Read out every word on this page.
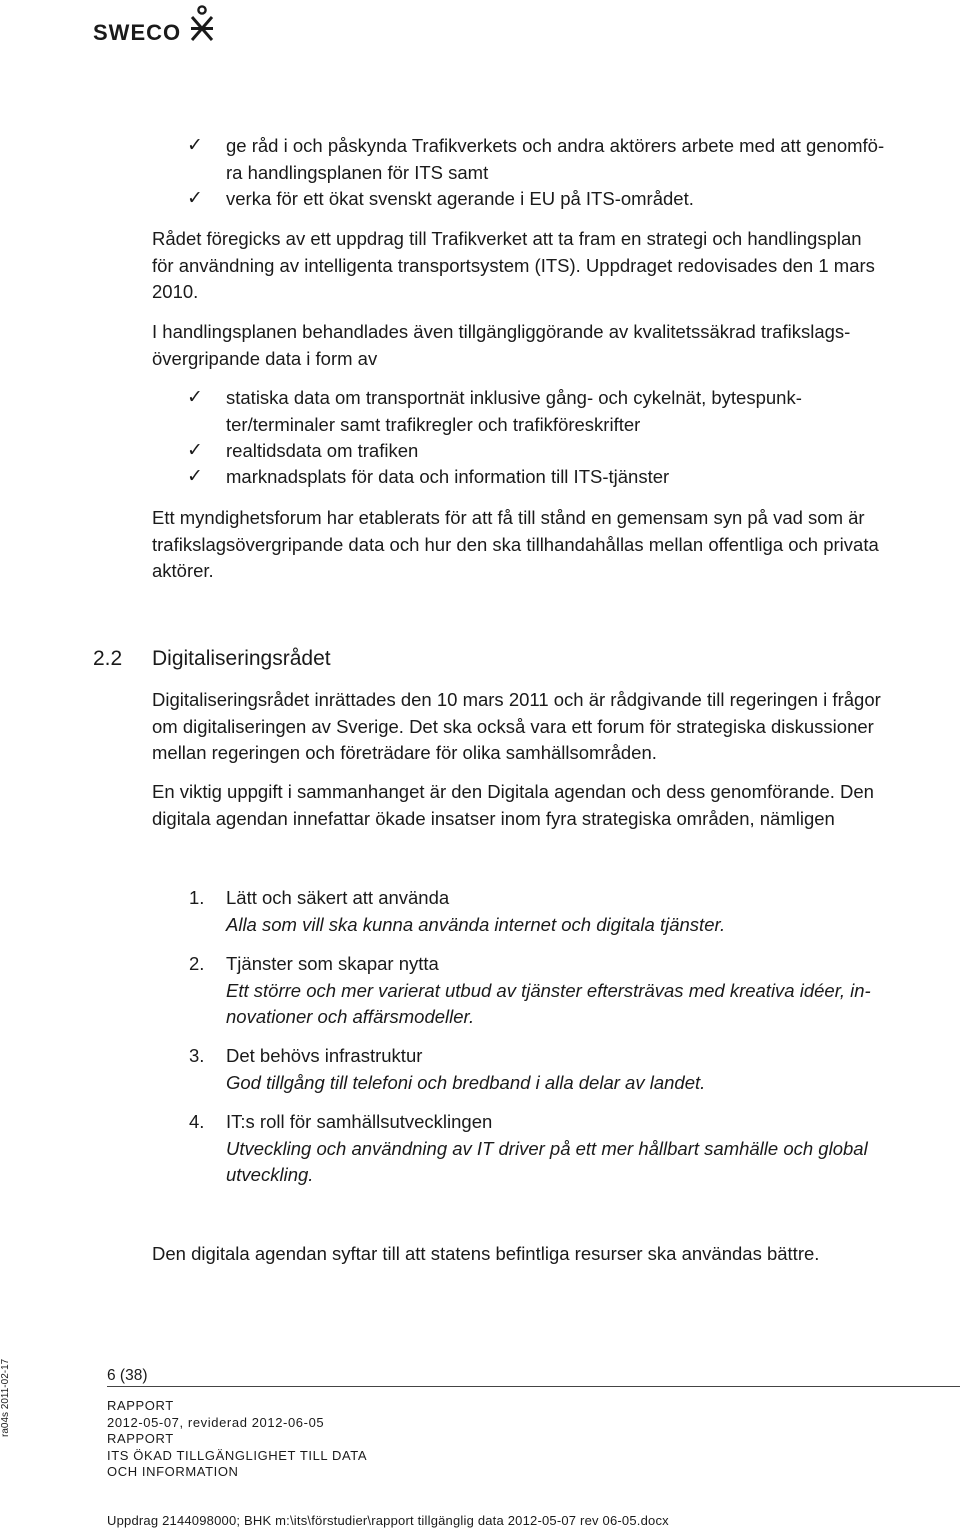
SWECO
✓ ge råd i och påskynda Trafikverkets och andra aktörers arbete med att genomfö-
ra handlingsplanen för ITS samt
✓ verka för ett ökat svenskt agerande i EU på ITS-området.
Rådet föregicks av ett uppdrag till Trafikverket att ta fram en strategi och handlingsplan
för användning av intelligenta transportsystem (ITS). Uppdraget redovisades den 1 mars
2010.
I handlingsplanen behandlades även tillgängliggörande av kvalitetssäkrad trafikslags-
övergripande data i form av
✓ statiska data om transportnät inklusive gång- och cykelnät, bytespunk-
ter/terminaler samt trafikregler och trafikföreskrifter
✓ realtidsdata om trafiken
✓ marknadsplats för data och information till ITS-tjänster
Ett myndighetsforum har etablerats för att få till stånd en gemensam syn på vad som är
trafikslagsövergripande data och hur den ska tillhandahållas mellan offentliga och privata
aktörer.
2.2 Digitaliseringsrådet
Digitaliseringsrådet inrättades den 10 mars 2011 och är rådgivande till regeringen i frågor
om digitaliseringen av Sverige. Det ska också vara ett forum för strategiska diskussioner
mellan regeringen och företrädare för olika samhällsområden.
En viktig uppgift i sammanhanget är den Digitala agendan och dess genomförande. Den
digitala agendan innefattar ökade insatser inom fyra strategiska områden, nämligen
1. Lätt och säkert att använda
Alla som vill ska kunna använda internet och digitala tjänster.
2. Tjänster som skapar nytta
Ett större och mer varierat utbud av tjänster eftersträvas med kreativa idéer, in-
novationer och affärsmodeller.
3. Det behövs infrastruktur
God tillgång till telefoni och bredband i alla delar av landet.
4. IT:s roll för samhällsutvecklingen
Utveckling och användning av IT driver på ett mer hållbart samhälle och global
utveckling.
Den digitala agendan syftar till att statens befintliga resurser ska användas bättre.
6 (38)
ra04s 2011-02-17	RAPPORT
2012-05-07, reviderad 2012-06-05
RAPPORT
ITS ÖKAD TILLGÄNGLIGHET TILL DATA
OCH INFORMATION
Uppdrag 2144098000; BHK m:\its\förstudier\rapport tillgänglig data 2012-05-07 rev 06-05.docx
